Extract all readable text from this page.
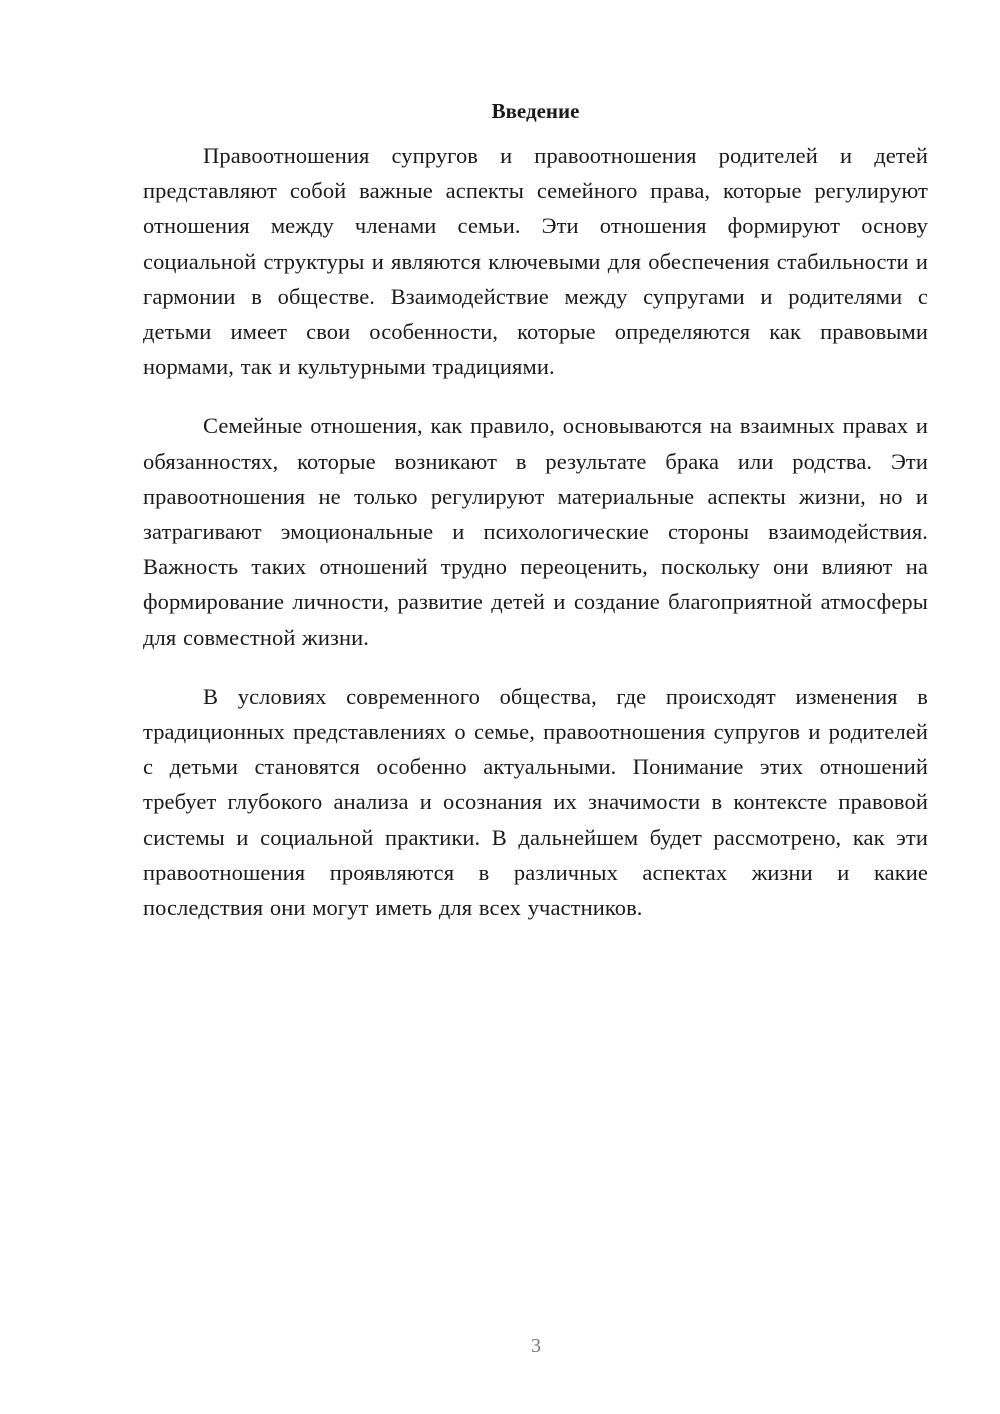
Введение

Правоотношения супругов и правоотношения родителей и детей представляют собой важные аспекты семейного права, которые регулируют отношения между членами семьи. Эти отношения формируют основу социальной структуры и являются ключевыми для обеспечения стабильности и гармонии в обществе. Взаимодействие между супругами и родителями с детьми имеет свои особенности, которые определяются как правовыми нормами, так и культурными традициями.

Семейные отношения, как правило, основываются на взаимных правах и обязанностях, которые возникают в результате брака или родства. Эти правоотношения не только регулируют материальные аспекты жизни, но и затрагивают эмоциональные и психологические стороны взаимодействия. Важность таких отношений трудно переоценить, поскольку они влияют на формирование личности, развитие детей и создание благоприятной атмосферы для совместной жизни.

В условиях современного общества, где происходят изменения в традиционных представлениях о семье, правоотношения супругов и родителей с детьми становятся особенно актуальными. Понимание этих отношений требует глубокого анализа и осознания их значимости в контексте правовой системы и социальной практики. В дальнейшем будет рассмотрено, как эти правоотношения проявляются в различных аспектах жизни и какие последствия они могут иметь для всех участников.

3
